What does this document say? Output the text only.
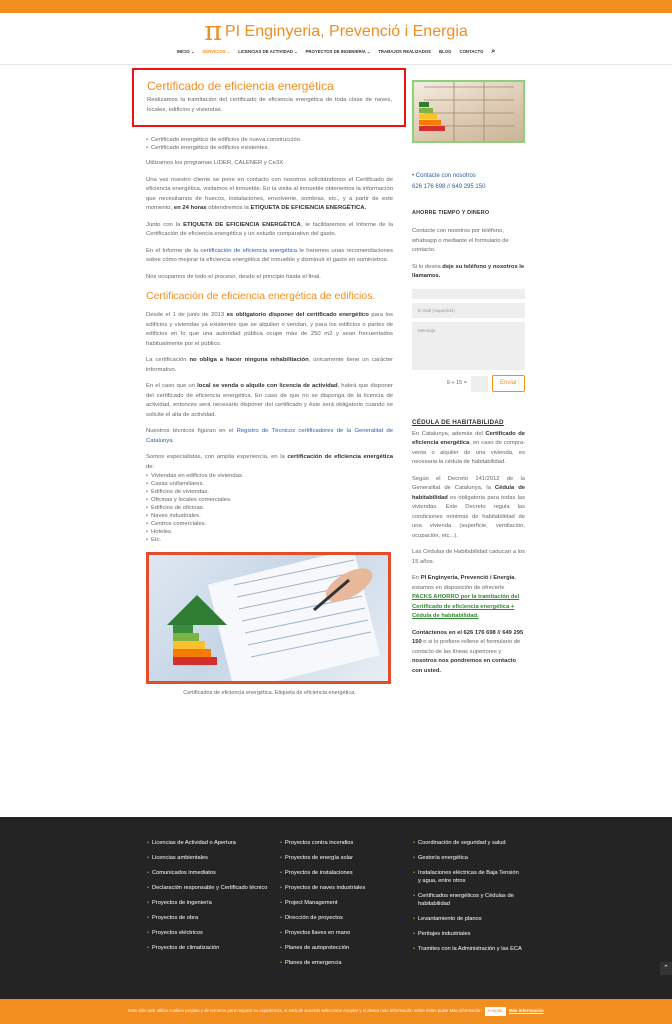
πPI Enginyeria, Prevenció i Energia
INICIO ⌄ SERVICIOS ⌄ LICENCIAS DE ACTIVIDAD ⌄ PROYECTOS DE INGENIERÍA ⌄ TRABAJOS REALIZADOS BLOG CONTACTO ⌕
Certificado de eficiencia energética

Realizamos la tramitación del certificado de eficiencia energética de toda clase de naves, locales, edificios y viviendas.

• Certificado energético de edificios de nueva construcción.
• Certificado energético de edificios existentes.

Utilizamos los programas LIDER, CALENER y Ce3X.

Una vez nuestro cliente se pone en contacto con nosotros solicitándonos el Certificado de eficiencia energética, visitamos el inmueble. En la visita al inmueble obtenemos la información que necesitamos de huecos, instalaciones, envolvente, sombras, etc., y a partir de este momento, en 24 horas obtendremos la ETIQUETA DE EFICIENCIA ENERGÉTICA.

Junto con la ETIQUETA DE EFICIENCIA ENERGÉTICA, le facilitaremos el Informe de la Certificación de eficiencia energética y un estudio comparativo del gasto.

En el Informe de la certificación de eficiencia energética le haremos unas recomendaciones sobre cómo mejorar la eficiencia energética del inmueble y disminuir el gasto en suministros.

Nos ocupamos de todo el proceso, desde el principio hasta el final.

Certificación de eficiencia energética de edificios.

Desde el 1 de junio de 2013 es obligatorio disponer del certificado energético para los edificios y viviendas ya existentes que se alquilen o vendan, y para los edificios o partes de edificios en lo que una autoridad pública ocupe más de 250 m2 y sean frecuentados habitualmente por el público.

La certificación no obliga a hacer ninguna rehabilitación, únicamente tiene un carácter informativo.

En el caso que un local se venda o alquile con licencia de actividad, habrá que disponer del certificado de eficiencia energética. En caso de que no se disponga de la licencia de actividad, entonces será necesario disponer del certificado y éste será obligatorio cuando se solicite el alta de actividad.

Nuestros técnicos figuran en el Registro de Técnicos certificadores de la Generalitat de Catalunya.

Somos especialistas, con amplia experiencia, en la certificación de eficiencia energética de:

• Viviendas en edificios de viviendas.
• Casas unifamiliares.
• Edificios de viviendas.
• Oficinas y locales comerciales.
• Edificios de oficinas.
• Naves industriales.
• Centros comerciales.
• Hoteles.
• Etc.
Certificados de eficiencia energética. Etiqueta de eficiencia energética.
• Contacte con nosotros
626 176 698 // 649 295 150
AHORRE TIEMPO Y DINERO

Contacte con nosotros por teléfono, whatsapp o mediante el formulario de contacto.

Si lo desea deje su teléfono y nosotros le llamamos.

E-mail (requerido)
Mensaje
9 + 15 =	Enviar
CÉDULA DE HABITABILIDAD

En Catalunya, además del Certificado de eficiencia energética, en caso de compra-venta o alquiler de una vivienda, es necesaria la cédula de habitabilidad.

Según el Decreto 141/2012 de la Generalitat de Catalunya, la Cédula de habitabilidad es obligatoria para todas las viviendas. Este Decreto regula las condiciones mínimas de habitabilidad de una vivienda (superficie, ventilación, ocupación, etc...).

Las Cédulas de Habitabilidad caducan a los 15 años.

En PI Enginyeria, Prevenció i Energia, estamos en disposición de ofrecerle PACKS AHORRO por la tramitación del Certificado de eficiencia energética + Cédula de habitabilidad.

Contáctenos en el 626 176 698 // 649 295 150 o si lo prefiere rellene el formulario de contacto de las líneas superiores y nosotros nos pondremos en contacto con usted.

• Licencias de Actividad o Apertura
• Licencias ambientales
• Comunicados inmediatos
• Declaración responsable y Certificado técnico
• Proyectos de ingeniería
• Proyectos de obra
• Proyectos eléctricos
• Proyectos de climatización
• Proyectos contra incendios
• Proyectos de energía solar
• Proyectos de instalaciones
• Proyectos de naves industriales
• Project Management
• Dirección de proyectos
• Proyectos llaves en mano
• Planes de autoprotección
• Planes de emergencia
• Coordinación de seguridad y salud
• Gestoría energética
• Instalaciones eléctricas de Baja Tensión y agua, entre otros
• Certificados energéticos y Cédulas de habitabilidad
• Levantamiento de planos
• Peritajes industriales
• Tramites con la Administración y las ECA
⌃
Este sitio web utiliza cookies propias y de terceros para mejorar su experiencia, si está de acuerdo seleccione Aceptar y si desea más información sobre éstas pulse Más información	Aceptar	Más información
